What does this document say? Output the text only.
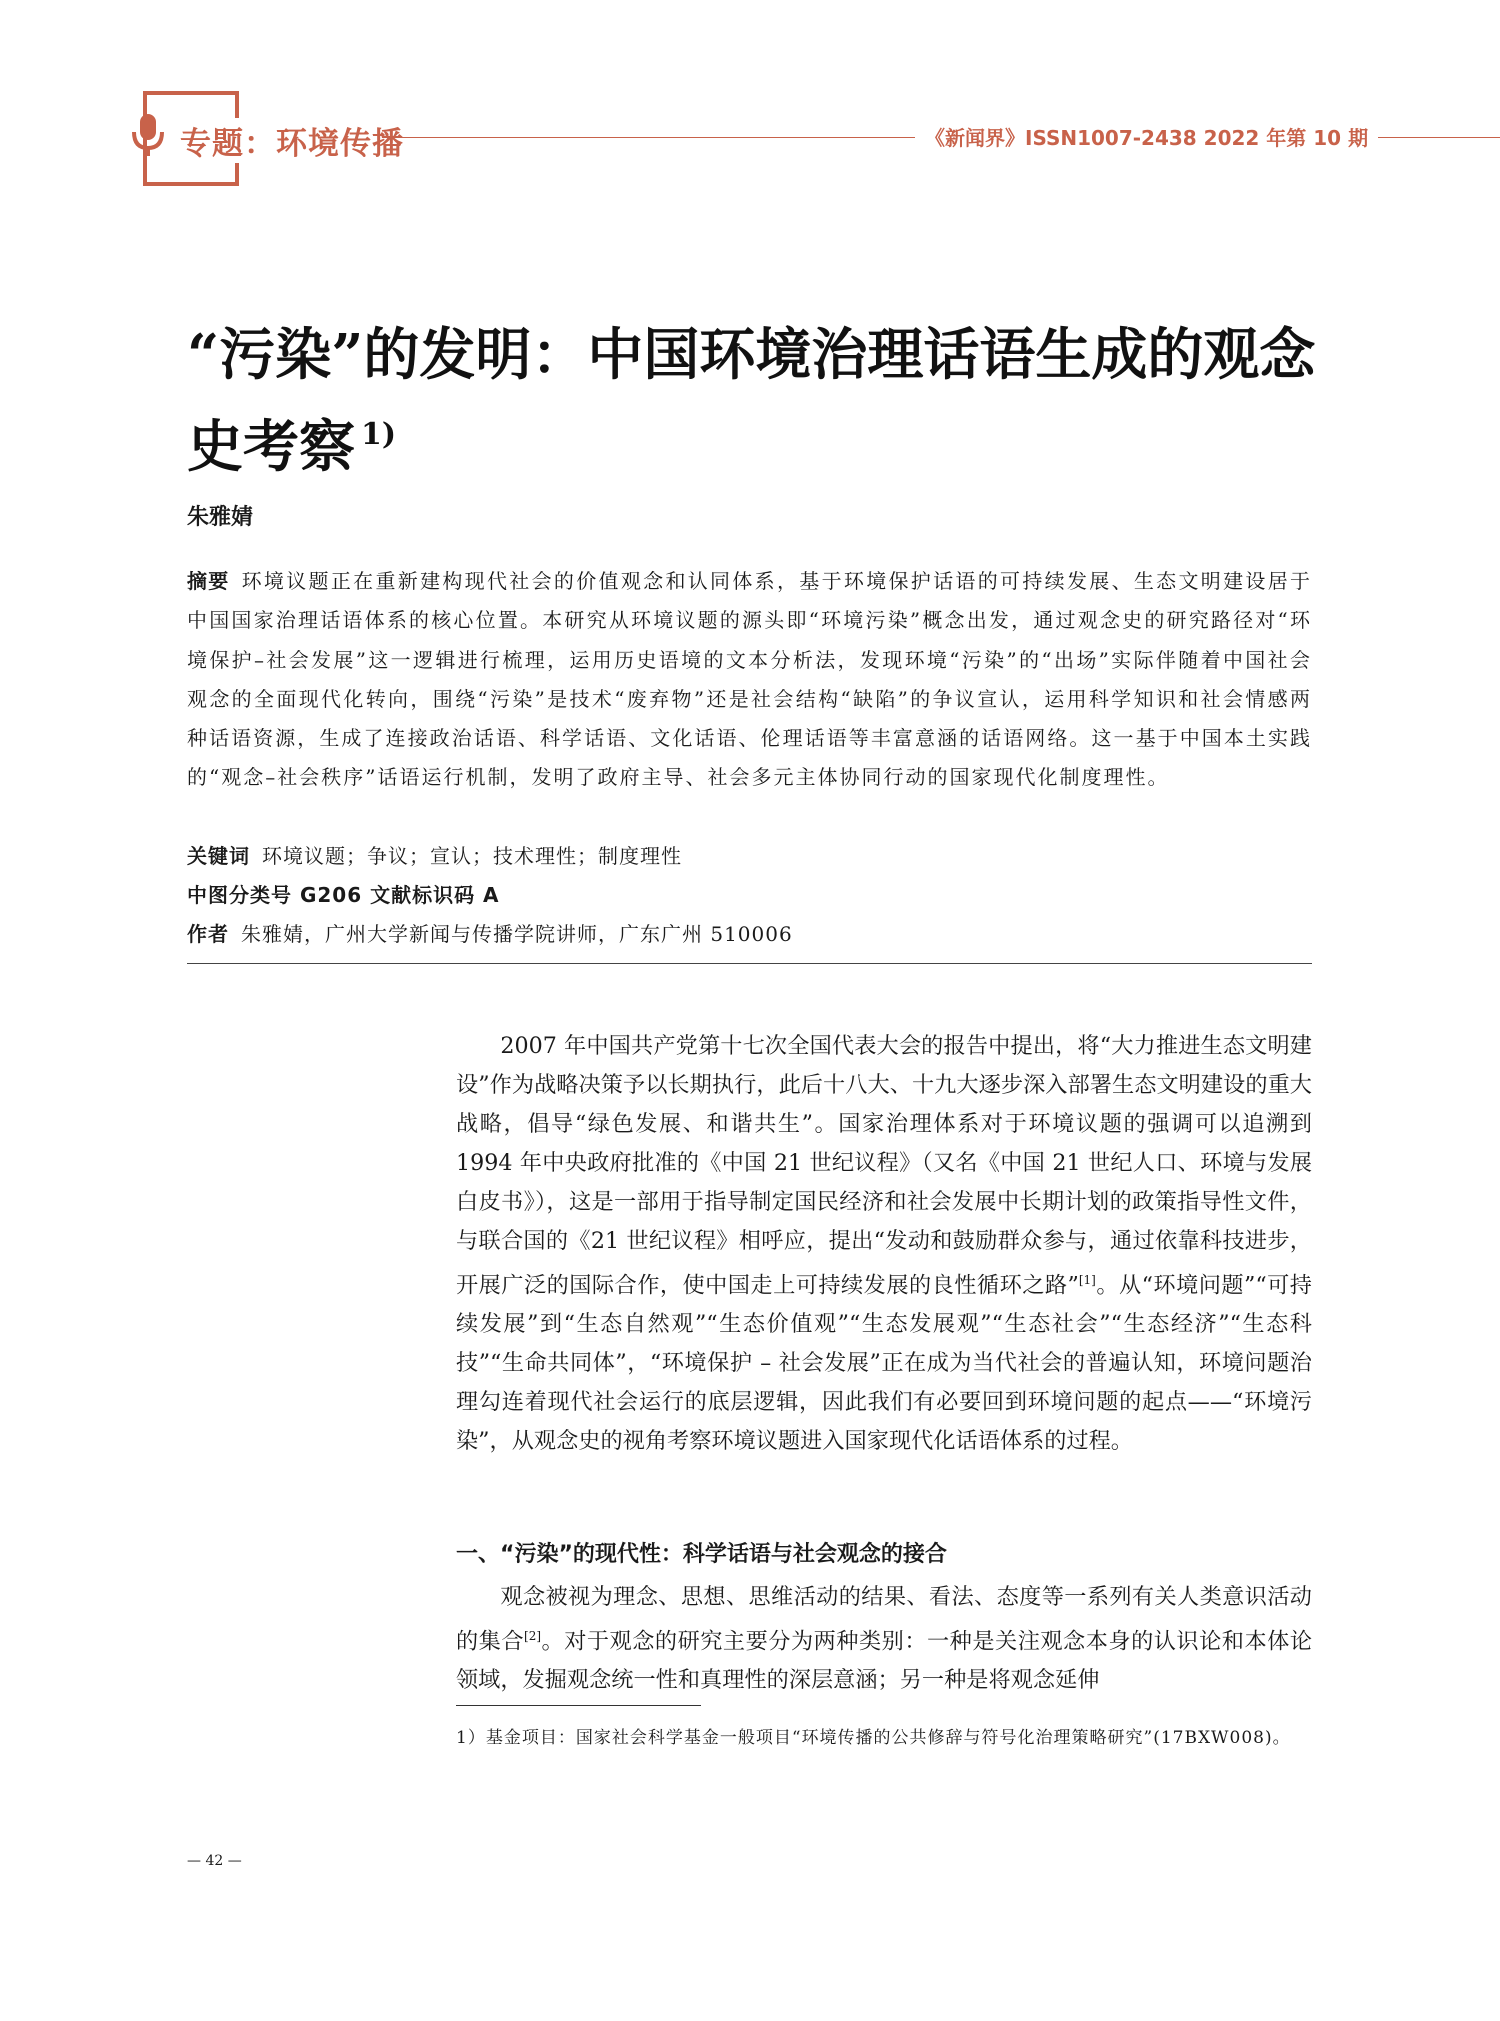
专题：环境传播	《新闻界》ISSN1007-2438 2022 年第 10 期
“污染”的发明：中国环境治理话语生成的观念史考察 $^{1)}$
朱雅婧
摘要 环境议题正在重新建构现代社会的价值观念和认同体系，基于环境保护话语的可持续发展、生态文明建设居于中国国家治理话语体系的核心位置。本研究从环境议题的源头即“环境污染”概念出发，通过观念史的研究路径对“环境保护–社会发展”这一逻辑进行梳理，运用历史语境的文本分析法，发现环境“污染”的“出场”实际伴随着中国社会观念的全面现代化转向，围绕“污染”是技术“废弃物”还是社会结构“缺陷”的争议宣认，运用科学知识和社会情感两种话语资源，生成了连接政治话语、科学话语、文化话语、伦理话语等丰富意涵的话语网络。这一基于中国本土实践的“观念–社会秩序”话语运行机制，发明了政府主导、社会多元主体协同行动的国家现代化制度理性。
关键词 环境议题；争议；宣认；技术理性；制度理性
中图分类号 G206 文献标识码 A
作者 朱雅婧，广州大学新闻与传播学院讲师，广东广州 510006

2007 年中国共产党第十七次全国代表大会的报告中提出，将“大力推进生态文明建设”作为战略决策予以长期执行，此后十八大、十九大逐步深入部署生态文明建设的重大战略，倡导“绿色发展、和谐共生”。国家治理体系对于环境议题的强调可以追溯到 1994 年中央政府批准的《中国 21 世纪议程》（又名《中国 21 世纪人口、环境与发展白皮书》），这是一部用于指导制定国民经济和社会发展中长期计划的政策指导性文件，与联合国的《21 世纪议程》相呼应，提出“发动和鼓励群众参与，通过依靠科技进步，开展广泛的国际合作，使中国走上可持续发展的良性循环之路”[1]。从“环境问题”“可持续发展”到“生态自然观”“生态价值观”“生态发展观”“生态社会”“生态经济”“生态科技”“生命共同体”，“环境保护 – 社会发展”正在成为当代社会的普遍认知，环境问题治理勾连着现代社会运行的底层逻辑，因此我们有必要回到环境问题的起点——“环境污染”，从观念史的视角考察环境议题进入国家现代化话语体系的过程。

一、“污染”的现代性：科学话语与社会观念的接合

观念被视为理念、思想、思维活动的结果、看法、态度等一系列有关人类意识活动的集合[2]。对于观念的研究主要分为两种类别：一种是关注观念本身的认识论和本体论领域，发掘观念统一性和真理性的深层意涵；另一种是将观念延伸

1）基金项目：国家社会科学基金一般项目“环境传播的公共修辞与符号化治理策略研究”(17BXW008)。
— 42 —
